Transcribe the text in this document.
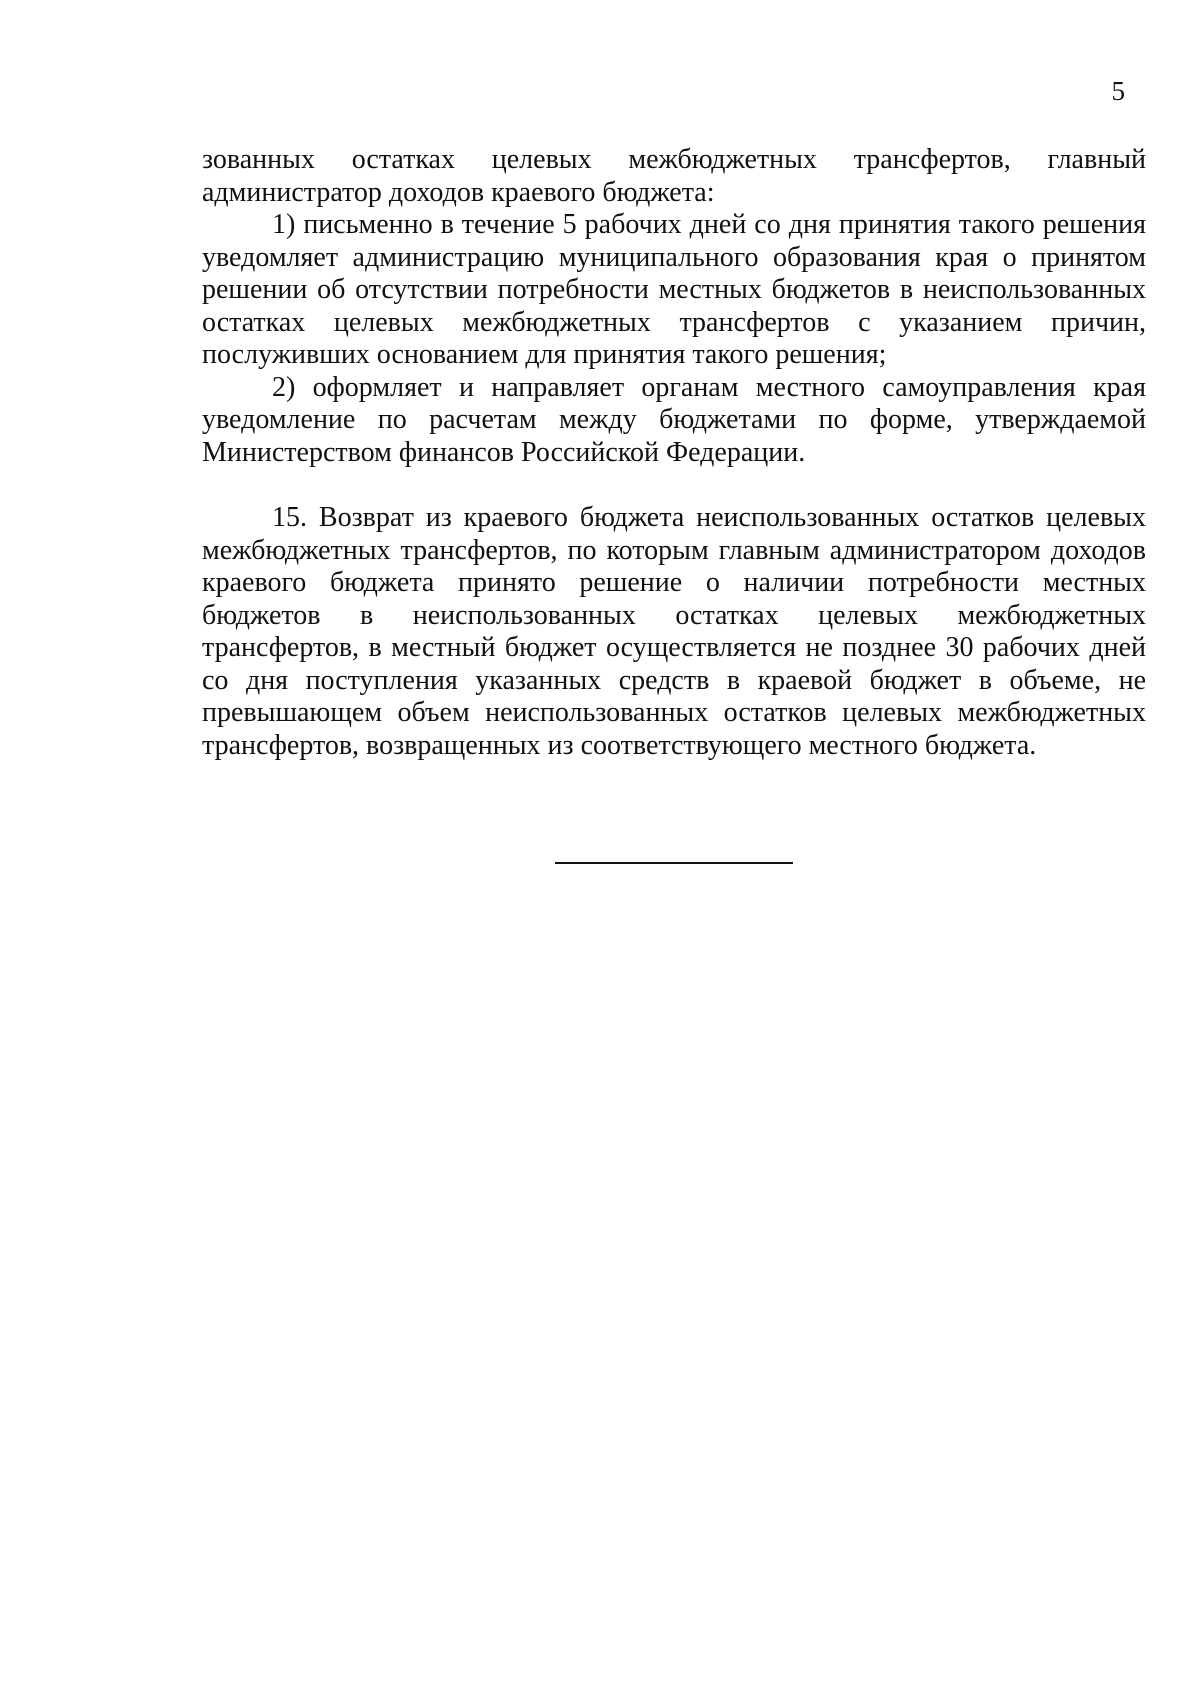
5

зованных остатках целевых межбюджетных трансфертов, главный администратор доходов краевого бюджета:

1) письменно в течение 5 рабочих дней со дня принятия такого решения уведомляет администрацию муниципального образования края о принятом решении об отсутствии потребности местных бюджетов в неиспользованных остатках целевых межбюджетных трансфертов с указанием причин, послуживших основанием для принятия такого решения;

2) оформляет и направляет органам местного самоуправления края уведомление по расчетам между бюджетами по форме, утверждаемой Министерством финансов Российской Федерации.

15. Возврат из краевого бюджета неиспользованных остатков целевых межбюджетных трансфертов, по которым главным администратором доходов краевого бюджета принято решение о наличии потребности местных бюджетов в неиспользованных остатках целевых межбюджетных трансфертов, в местный бюджет осуществляется не позднее 30 рабочих дней со дня поступления указанных средств в краевой бюджет в объеме, не превышающем объем неиспользованных остатков целевых межбюджетных трансфертов, возвращенных из соответствующего местного бюджета.
